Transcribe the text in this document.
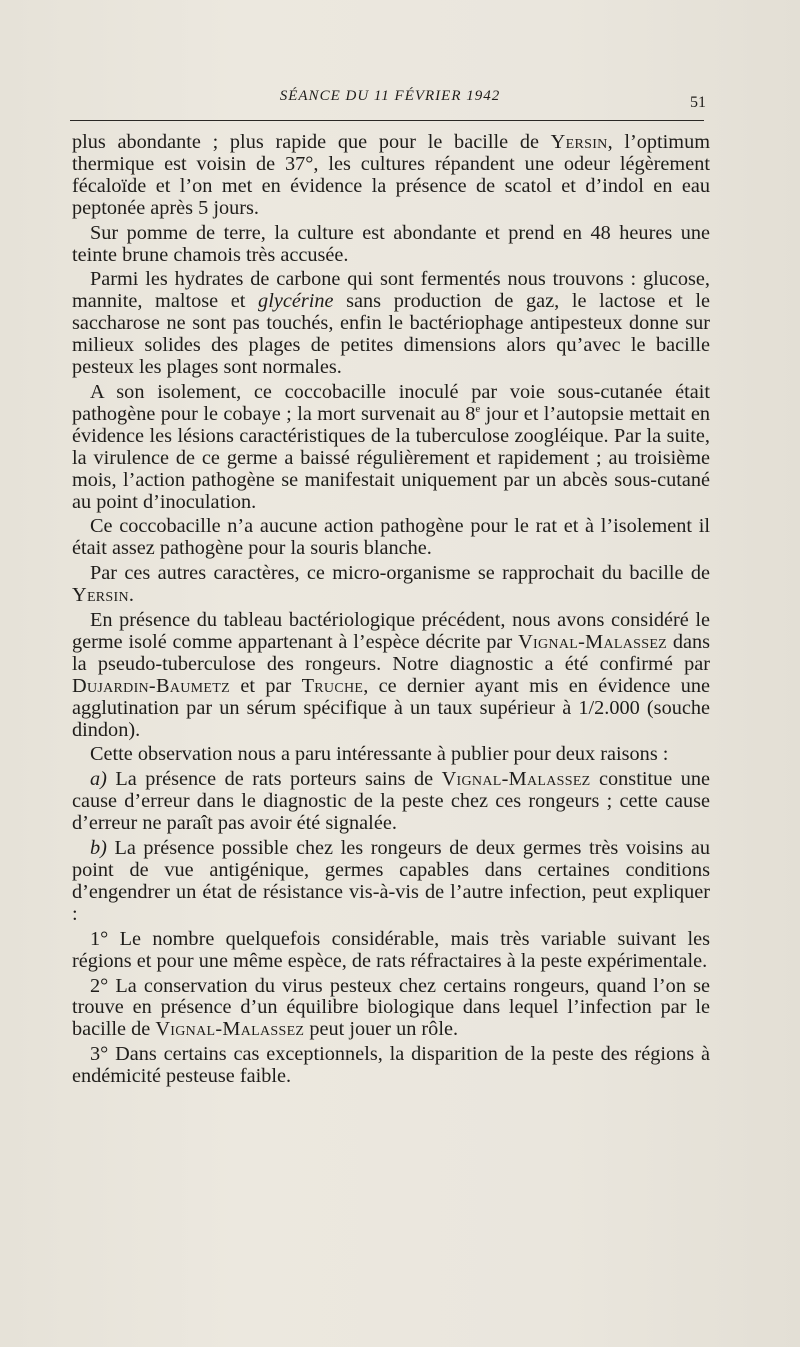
SÉANCE DU 11 FÉVRIER 1942	51

plus abondante ; plus rapide que pour le bacille de Yersin, l’optimum thermique est voisin de 37°, les cultures répandent une odeur légèrement fécaloïde et l’on met en évidence la présence de scatol et d’indol en eau peptonée après 5 jours.

Sur pomme de terre, la culture est abondante et prend en 48 heures une teinte brune chamois très accusée.

Parmi les hydrates de carbone qui sont fermentés nous trouvons : glucose, mannite, maltose et glycérine sans production de gaz, le lactose et le saccharose ne sont pas touchés, enfin le bactériophage antipesteux donne sur milieux solides des plages de petites dimensions alors qu’avec le bacille pesteux les plages sont normales.

A son isolement, ce coccobacille inoculé par voie sous-cutanée était pathogène pour le cobaye ; la mort survenait au 8e jour et l’autopsie mettait en évidence les lésions caractéristiques de la tuberculose zoogléique. Par la suite, la virulence de ce germe a baissé régulièrement et rapidement ; au troisième mois, l’action pathogène se manifestait uniquement par un abcès sous-cutané au point d’inoculation.

Ce coccobacille n’a aucune action pathogène pour le rat et à l’isolement il était assez pathogène pour la souris blanche.

Par ces autres caractères, ce micro-organisme se rapprochait du bacille de Yersin.

En présence du tableau bactériologique précédent, nous avons considéré le germe isolé comme appartenant à l’espèce décrite par Vignal-Malassez dans la pseudo-tuberculose des rongeurs. Notre diagnostic a été confirmé par Dujardin-Baumetz et par Truche, ce dernier ayant mis en évidence une agglutination par un sérum spécifique à un taux supérieur à 1/2.000 (souche dindon).

Cette observation nous a paru intéressante à publier pour deux raisons :

a) La présence de rats porteurs sains de Vignal-Malassez constitue une cause d’erreur dans le diagnostic de la peste chez ces rongeurs ; cette cause d’erreur ne paraît pas avoir été signalée.

b) La présence possible chez les rongeurs de deux germes très voisins au point de vue antigénique, germes capables dans certaines conditions d’engendrer un état de résistance vis-à-vis de l’autre infection, peut expliquer :

1° Le nombre quelquefois considérable, mais très variable suivant les régions et pour une même espèce, de rats réfractaires à la peste expérimentale.

2° La conservation du virus pesteux chez certains rongeurs, quand l’on se trouve en présence d’un équilibre biologique dans lequel l’infection par le bacille de Vignal-Malassez peut jouer un rôle.

3° Dans certains cas exceptionnels, la disparition de la peste des régions à endémicité pesteuse faible.
